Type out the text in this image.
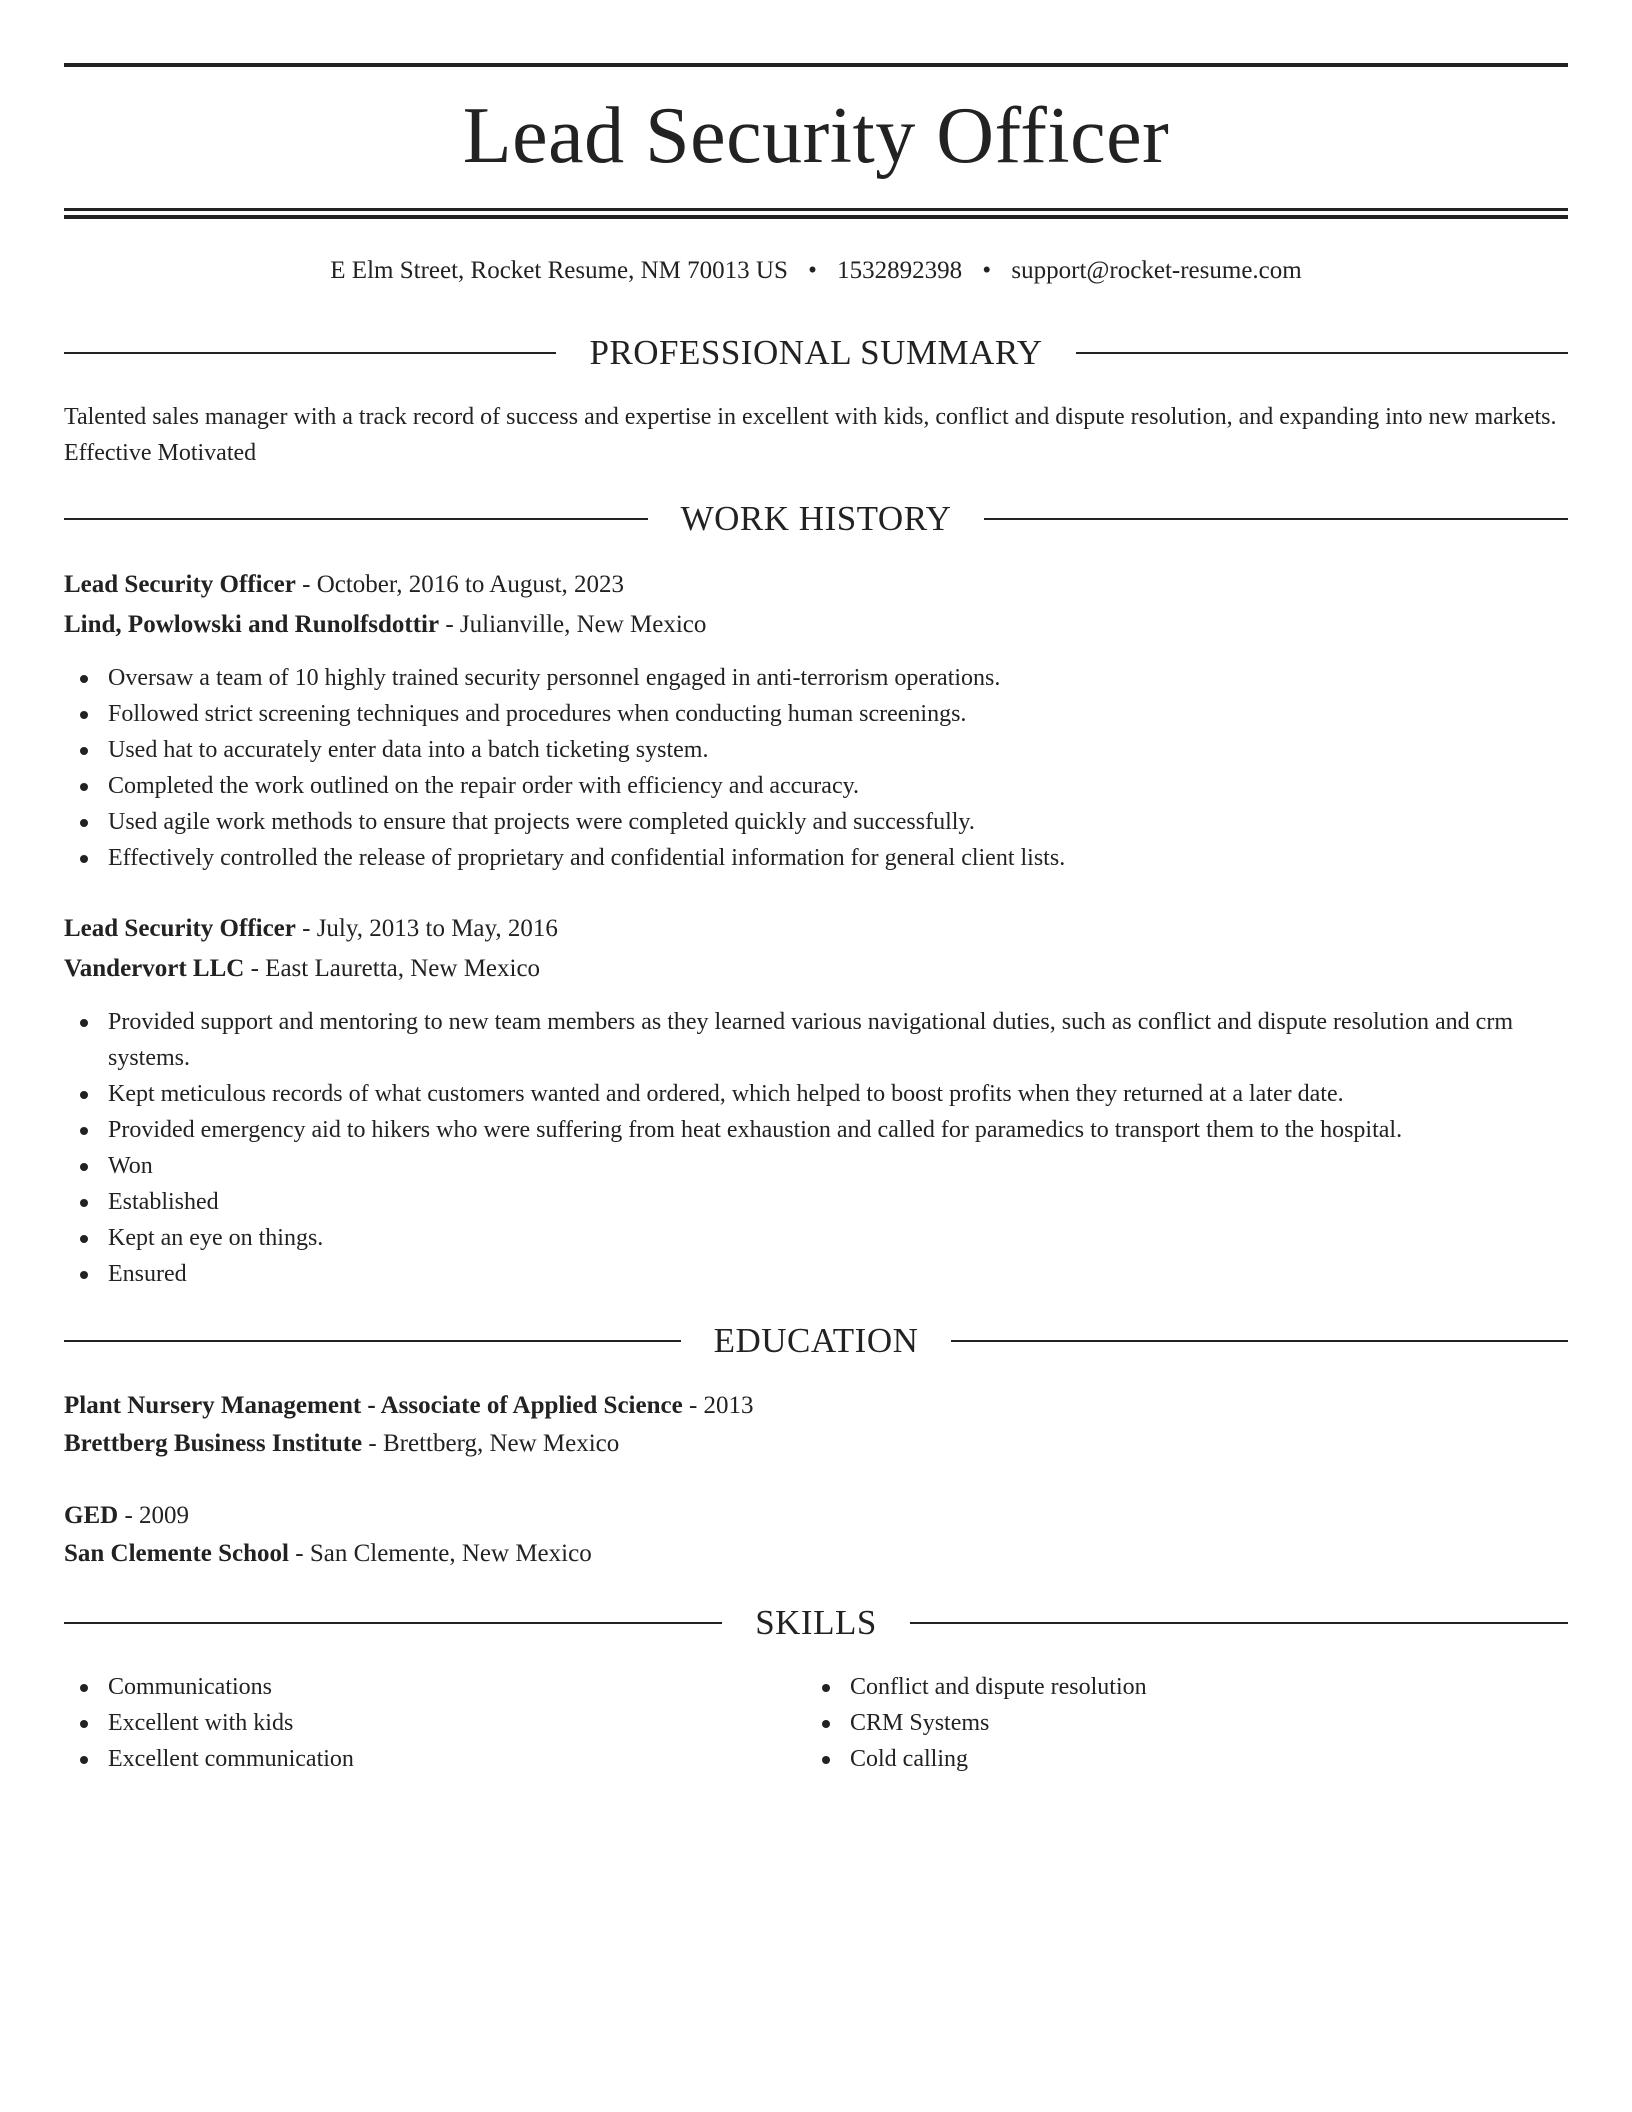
Lead Security Officer
E Elm Street, Rocket Resume, NM 70013 US • 1532892398 • support@rocket-resume.com
PROFESSIONAL SUMMARY

Talented sales manager with a track record of success and expertise in excellent with kids, conflict and dispute resolution, and expanding into new markets. Effective Motivated

WORK HISTORY
Lead Security Officer - October, 2016 to August, 2023
Lind, Powlowski and Runolfsdottir - Julianville, New Mexico
Oversaw a team of 10 highly trained security personnel engaged in anti-terrorism operations.
Followed strict screening techniques and procedures when conducting human screenings.
Used hat to accurately enter data into a batch ticketing system.
Completed the work outlined on the repair order with efficiency and accuracy.
Used agile work methods to ensure that projects were completed quickly and successfully.
Effectively controlled the release of proprietary and confidential information for general client lists.
Lead Security Officer - July, 2013 to May, 2016
Vandervort LLC - East Lauretta, New Mexico
Provided support and mentoring to new team members as they learned various navigational duties, such as conflict and dispute resolution and crm systems.
Kept meticulous records of what customers wanted and ordered, which helped to boost profits when they returned at a later date.
Provided emergency aid to hikers who were suffering from heat exhaustion and called for paramedics to transport them to the hospital.
Won
Established
Kept an eye on things.
Ensured
EDUCATION
Plant Nursery Management - Associate of Applied Science - 2013
Brettberg Business Institute - Brettberg, New Mexico
GED - 2009
San Clemente School - San Clemente, New Mexico
SKILLS
Communications
Excellent with kids
Excellent communication
Conflict and dispute resolution
CRM Systems
Cold calling
